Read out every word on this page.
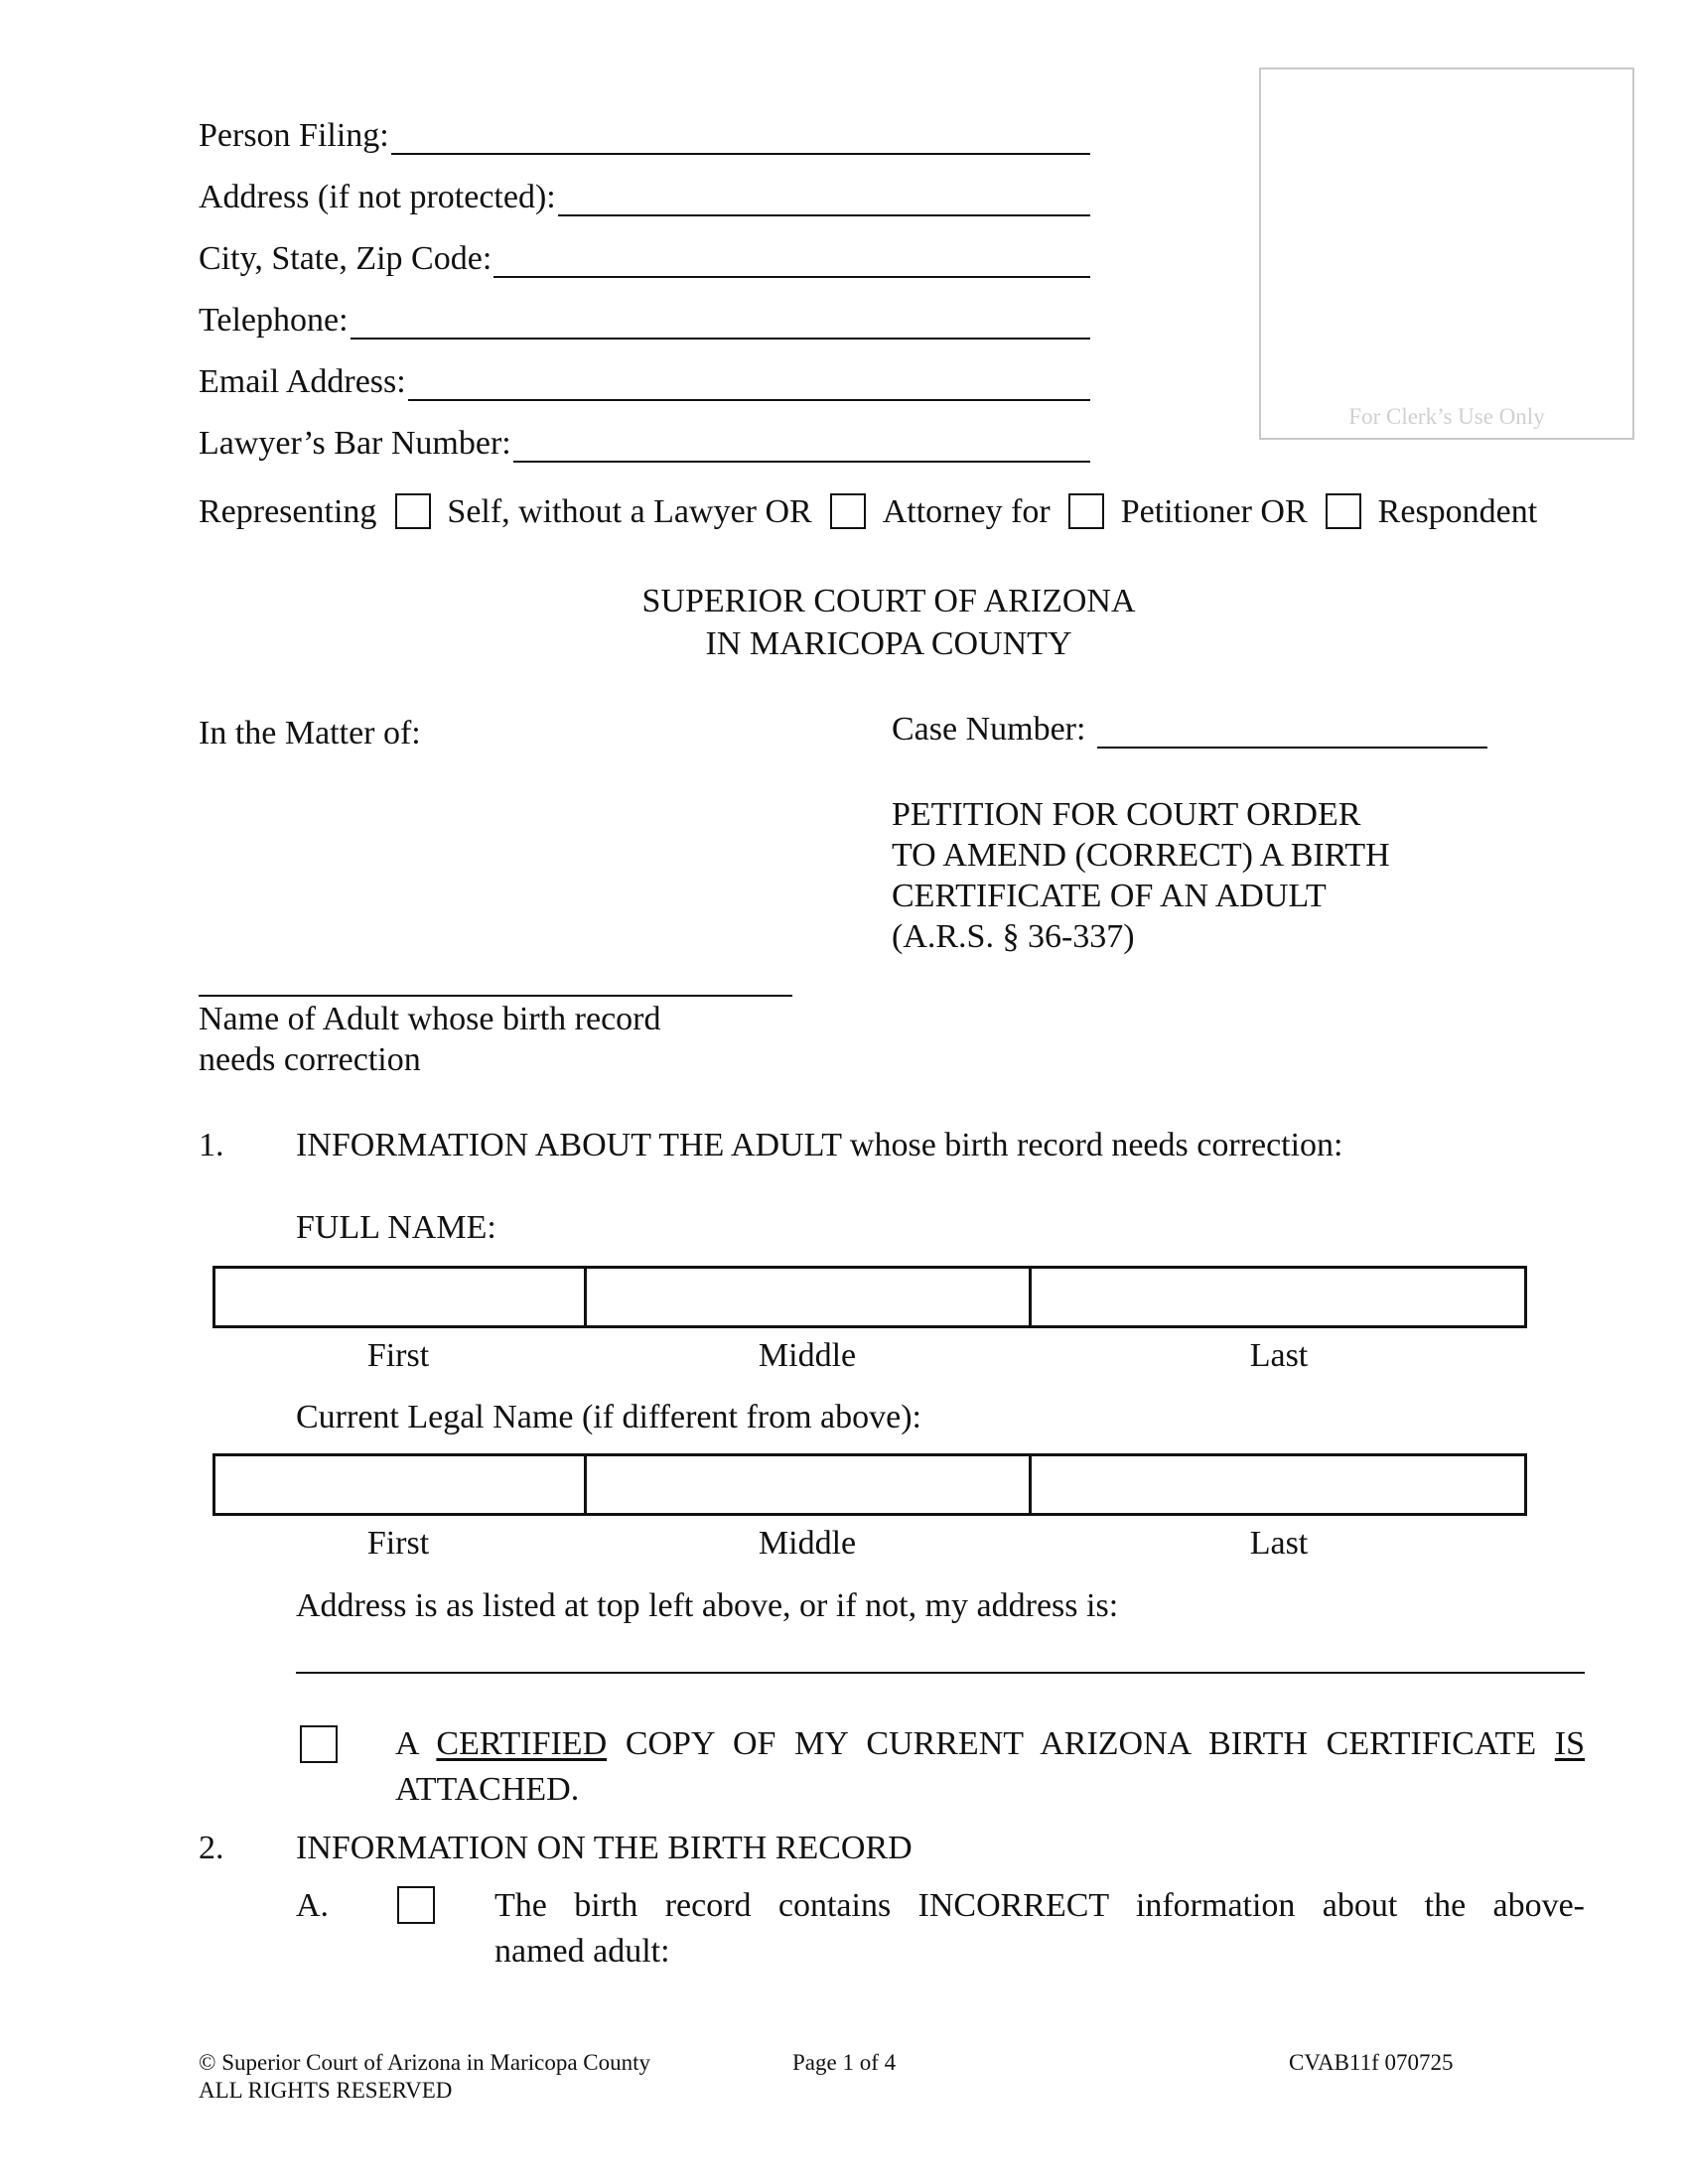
Person Filing:
Address (if not protected):
City, State, Zip Code:
Telephone:
Email Address:
Lawyer’s Bar Number:
For Clerk’s Use Only
Representing Self, without a Lawyer OR Attorney for Petitioner OR Respondent
SUPERIOR COURT OF ARIZONA
IN MARICOPA COUNTY
In the Matter of:	Case Number:
PETITION FOR COURT ORDER
TO AMEND (CORRECT) A BIRTH
CERTIFICATE OF AN ADULT
(A.R.S. § 36-337)
Name of Adult whose birth record
needs correction
1. INFORMATION ABOUT THE ADULT whose birth record needs correction:
FULL NAME:
First	Middle	Last
Current Legal Name (if different from above):
First	Middle	Last
Address is as listed at top left above, or if not, my address is:
A CERTIFIED COPY OF MY CURRENT ARIZONA BIRTH CERTIFICATE IS
ATTACHED.
2. INFORMATION ON THE BIRTH RECORD
A.	The birth record contains INCORRECT information about the above-
named adult:
© Superior Court of Arizona in Maricopa County
ALL RIGHTS RESERVED
Page 1 of 4	CVAB11f 070725
